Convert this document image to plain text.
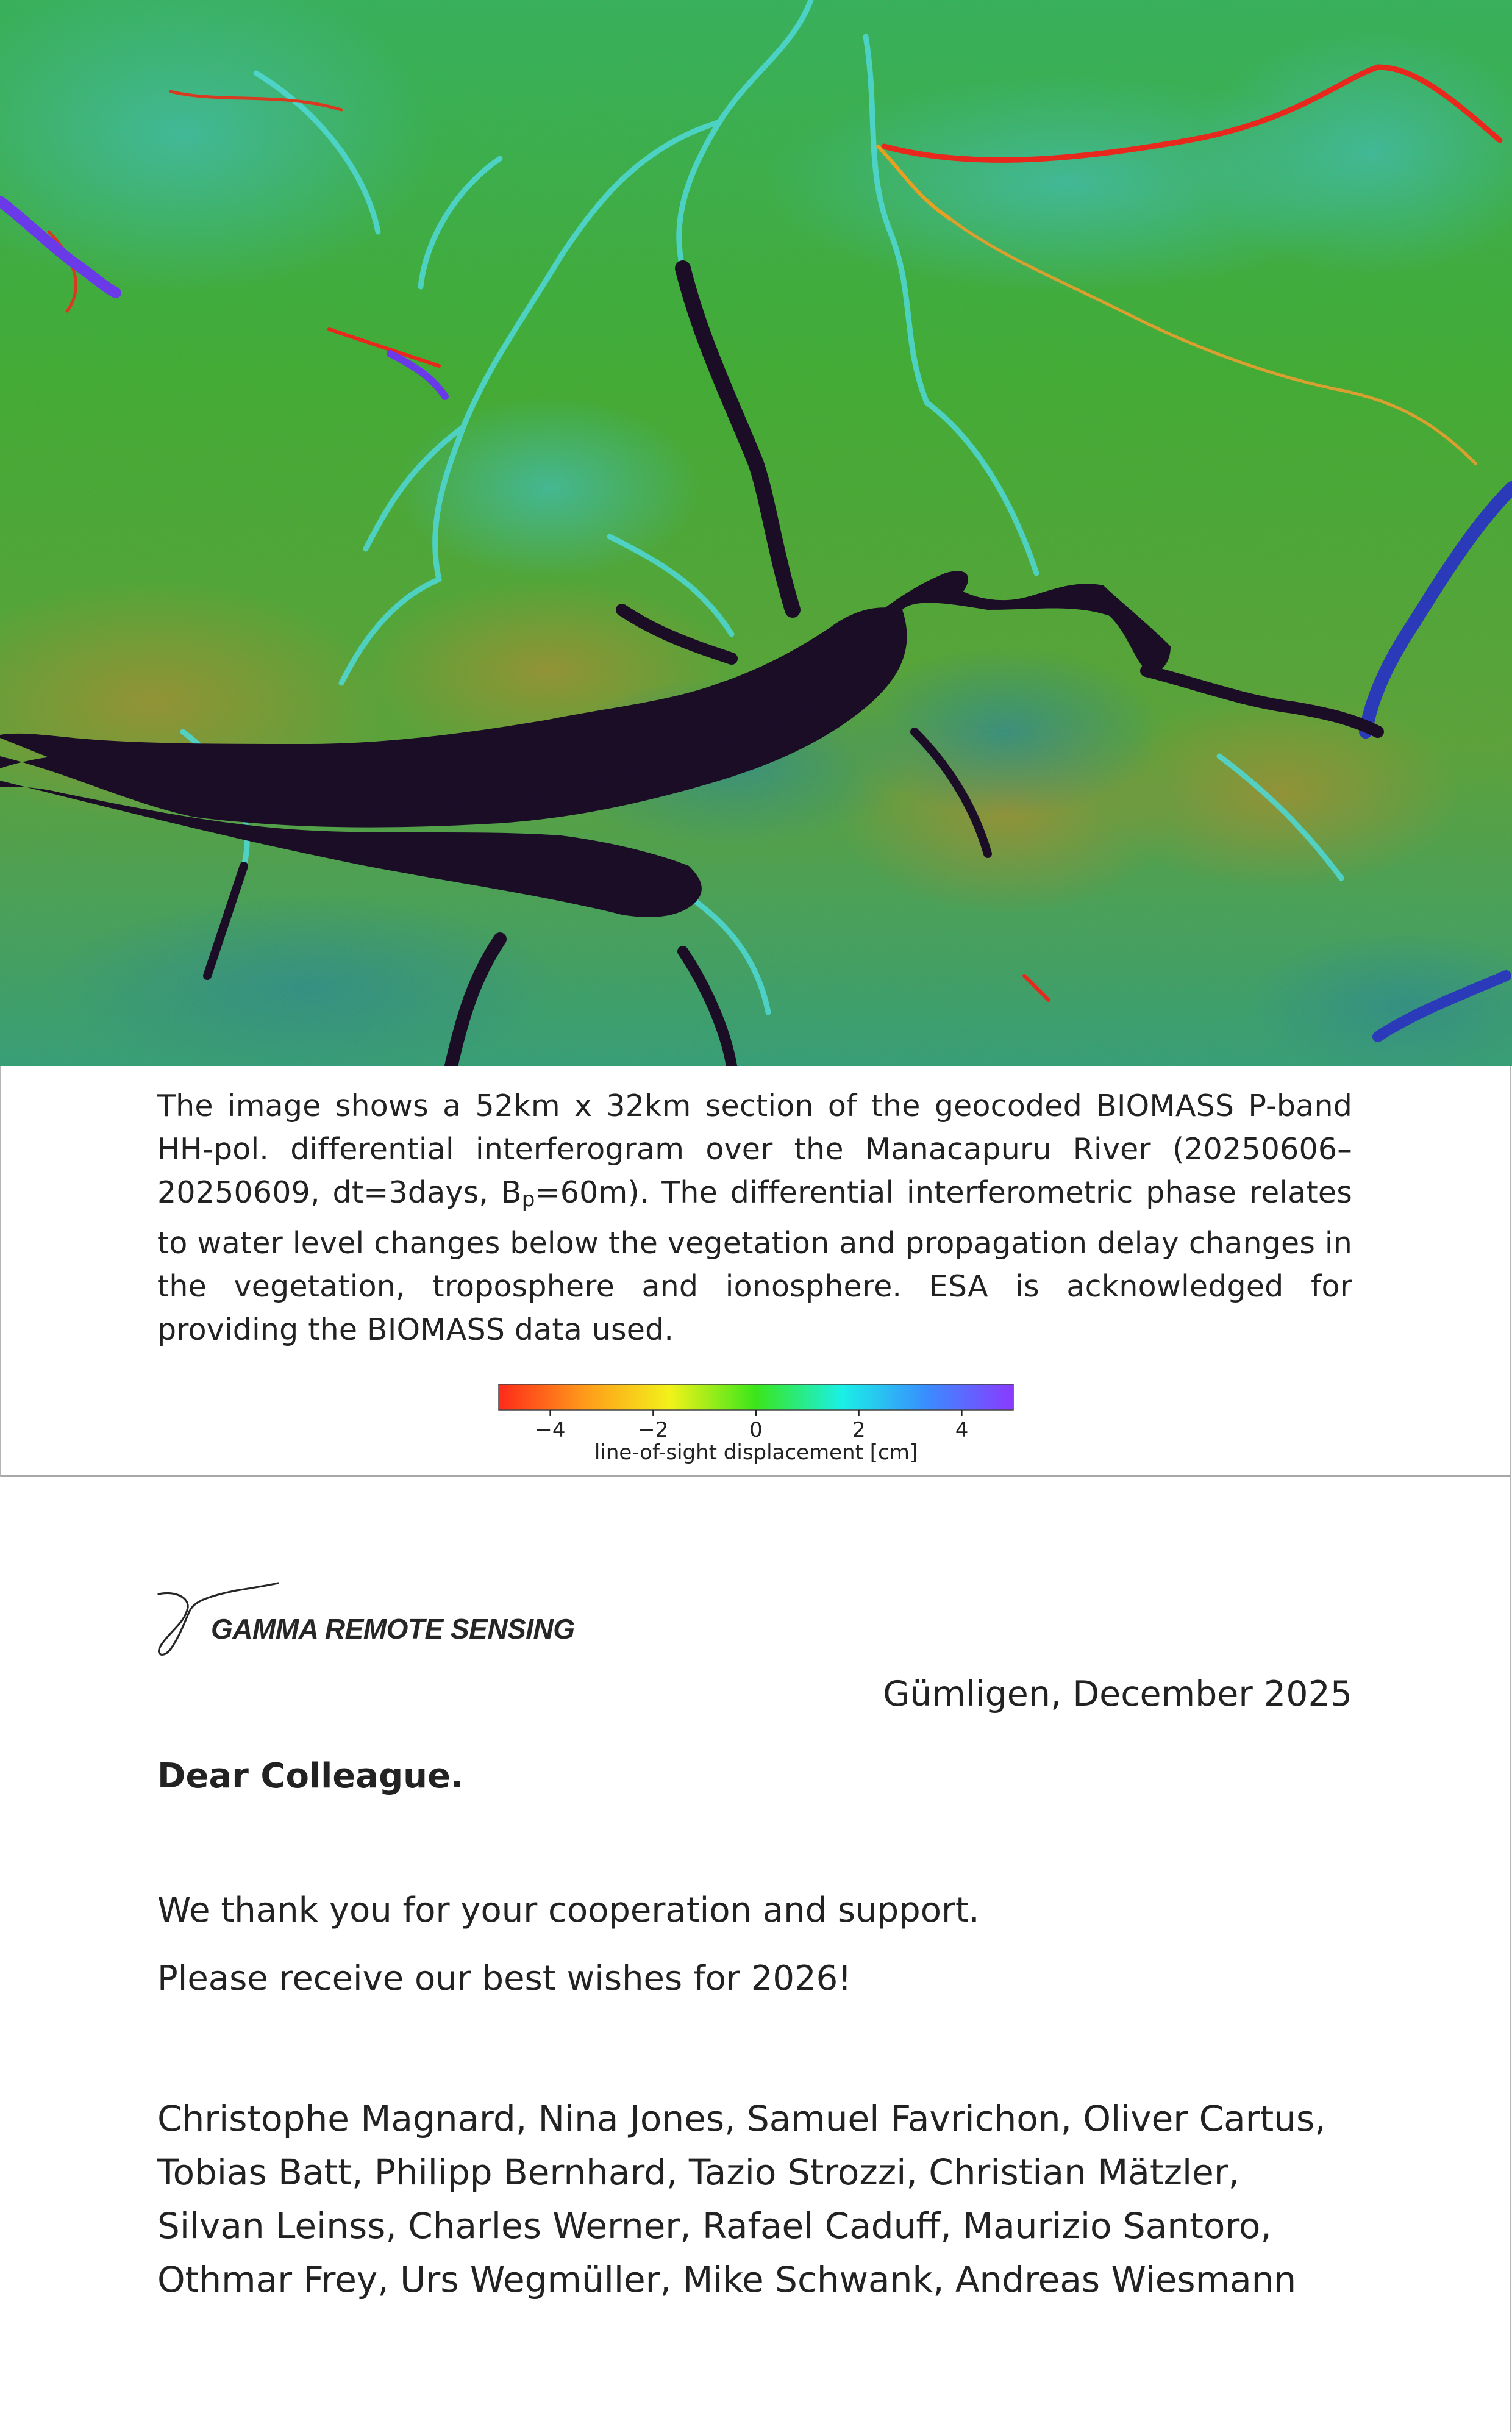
The image shows a 52km x 32km section of the geocoded BIOMASS P-band HH-pol. differential interferogram over the Manacapuru River (20250606–20250609, dt=3days, $B_p=60m$). The differential interferometric phase relates to water level changes below the vegetation and propagation delay changes in the vegetation, troposphere and ionosphere. ESA is acknowledged for providing the BIOMASS data used.

−4	−2	0	2	4
line-of-sight displacement [cm]
GAMMA REMOTE SENSING
Gümligen, December 2025
Dear Colleague.
We thank you for your cooperation and support.
Please receive our best wishes for 2026!
Christophe Magnard, Nina Jones, Samuel Favrichon, Oliver Cartus,
Tobias Batt, Philipp Bernhard, Tazio Strozzi, Christian Mätzler,
Silvan Leinss, Charles Werner, Rafael Caduff, Maurizio Santoro,
Othmar Frey, Urs Wegmüller, Mike Schwank, Andreas Wiesmann
